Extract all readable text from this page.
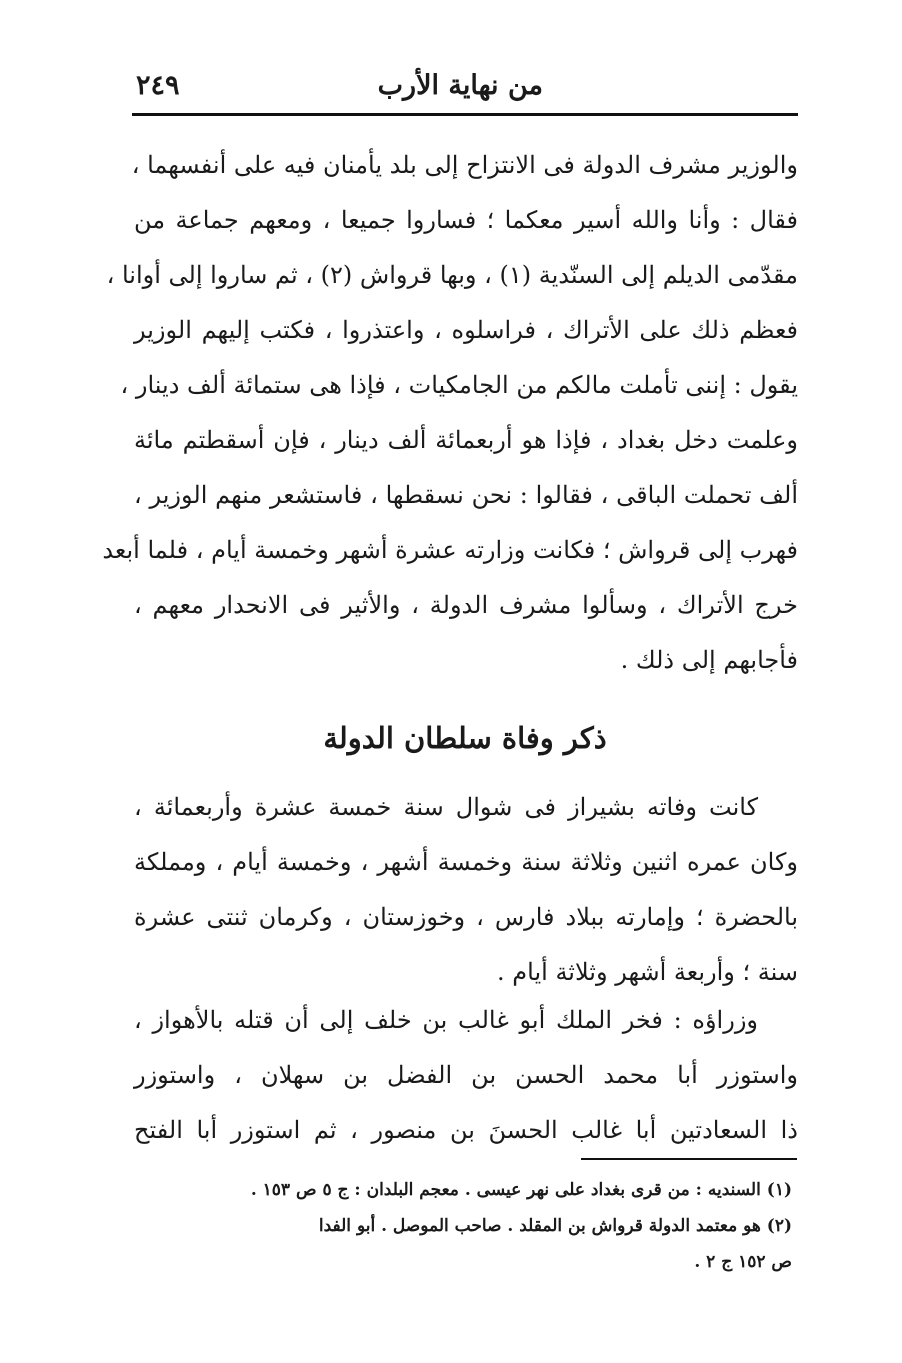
من نهاية الأرب
٢٤٩
والوزير مشرف الدولة فى الانتزاح إلى بلد يأمنان فيه على أنفسهما ،
فقال : وأنا والله أسير معكما ؛ فساروا جميعا ، ومعهم جماعة من
مقدّمى الديلم إلى السنّدية (١) ، وبها قرواش (٢) ، ثم ساروا إلى أوانا ،
فعظم ذلك على الأتراك ، فراسلوه ، واعتذروا ، فكتب إليهم الوزير
يقول : إننى تأملت مالكم من الجامكيات ، فإذا هى ستمائة ألف دينار ،
وعلمت دخل بغداد ، فإذا هو أربعمائة ألف دينار ، فإن أسقطتم مائة
ألف تحملت الباقى ، فقالوا : نحن نسقطها ، فاستشعر منهم الوزير ،
فهرب إلى قرواش ؛ فكانت وزارته عشرة أشهر وخمسة أيام ، فلما أبعد
خرج الأتراك ، وسألوا مشرف الدولة ، والأثير فى الانحدار معهم ،
فأجابهم إلى ذلك .
ذكر وفاة سلطان الدولة
كانت وفاته بشيراز فى شوال سنة خمسة عشرة وأربعمائة ،
وكان عمره اثنين وثلاثة سنة وخمسة أشهر ، وخمسة أيام ، ومملكة
بالحضرة ؛ وإمارته ببلاد فارس ، وخوزستان ، وكرمان ثنتى عشرة
سنة ؛ وأربعة أشهر وثلاثة أيام .
وزراؤه : فخر الملك أبو غالب بن خلف إلى أن قتله بالأهواز ،
واستوزر أبا محمد الحسن بن الفضل بن سهلان ، واستوزر
ذا السعادتين أبا غالب الحسنَ بن منصور ، ثم استوزر أبا الفتح
(١) السنديه : من قرى بغداد على نهر عيسى . معجم البلدان : ج ٥ ص ١٥٣ .
(٢) هو معتمد الدولة قرواش بن المقلد . صاحب الموصل . أبو الفدا
ص ١٥٢ ج ٢ .
